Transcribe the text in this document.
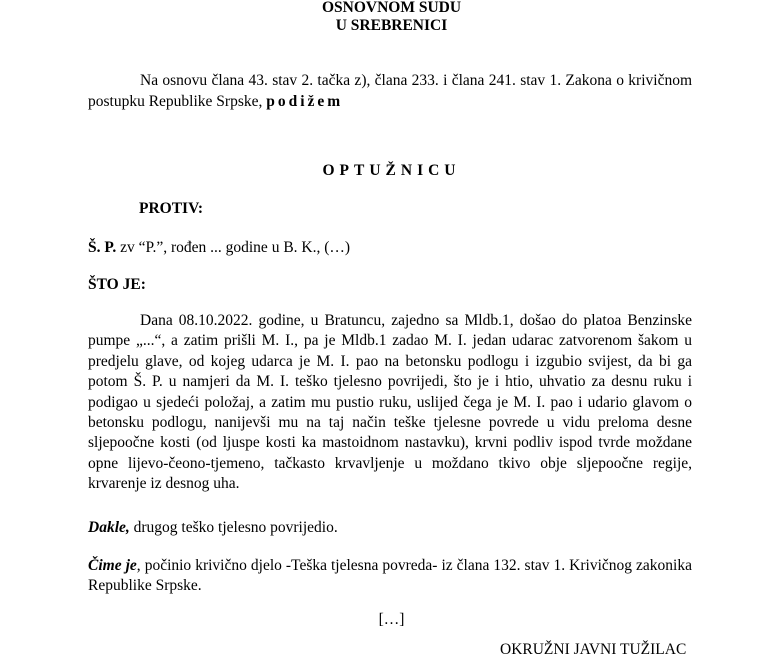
OSNOVNOM SUDU
U SREBRENICI
Na osnovu člana 43. stav 2. tačka z), člana 233. i člana 241. stav 1. Zakona o krivičnom postupku Republike Srpske, podižem
OPTUŽNICU
PROTIV:
Š. P. zv “P.”, rođen ... godine u B. K., (…)
ŠTO JE:
Dana 08.10.2022. godine, u Bratuncu, zajedno sa Mldb.1, došao do platoa Benzinske pumpe „...“, a zatim prišli M. I., pa je Mldb.1 zadao M. I. jedan udarac zatvorenom šakom u predjelu glave, od kojeg udarca je M. I. pao na betonsku podlogu i izgubio svijest, da bi ga potom Š. P. u namjeri da M. I. teško tjelesno povrijedi, što je i htio, uhvatio za desnu ruku i podigao u sjedeći položaj, a zatim mu pustio ruku, uslijed čega je M. I. pao i udario glavom o betonsku podlogu, nanijevši mu na taj način teške tjelesne povrede u vidu preloma desne sljepoočne kosti (od ljuspe kosti ka mastoidnom nastavku), krvni podliv ispod tvrde moždane opne lijevo-čeono-tjemeno, tačkasto krvavljenje u moždano tkivo obje sljepoočne regije, krvarenje iz desnog uha.
Dakle, drugog teško tjelesno povrijedio.
Čime je, počinio krivično djelo -Teška tjelesna povreda- iz člana 132. stav 1. Krivičnog zakonika Republike Srpske.
[…]
OKRUŽNI JAVNI TUŽILAC
